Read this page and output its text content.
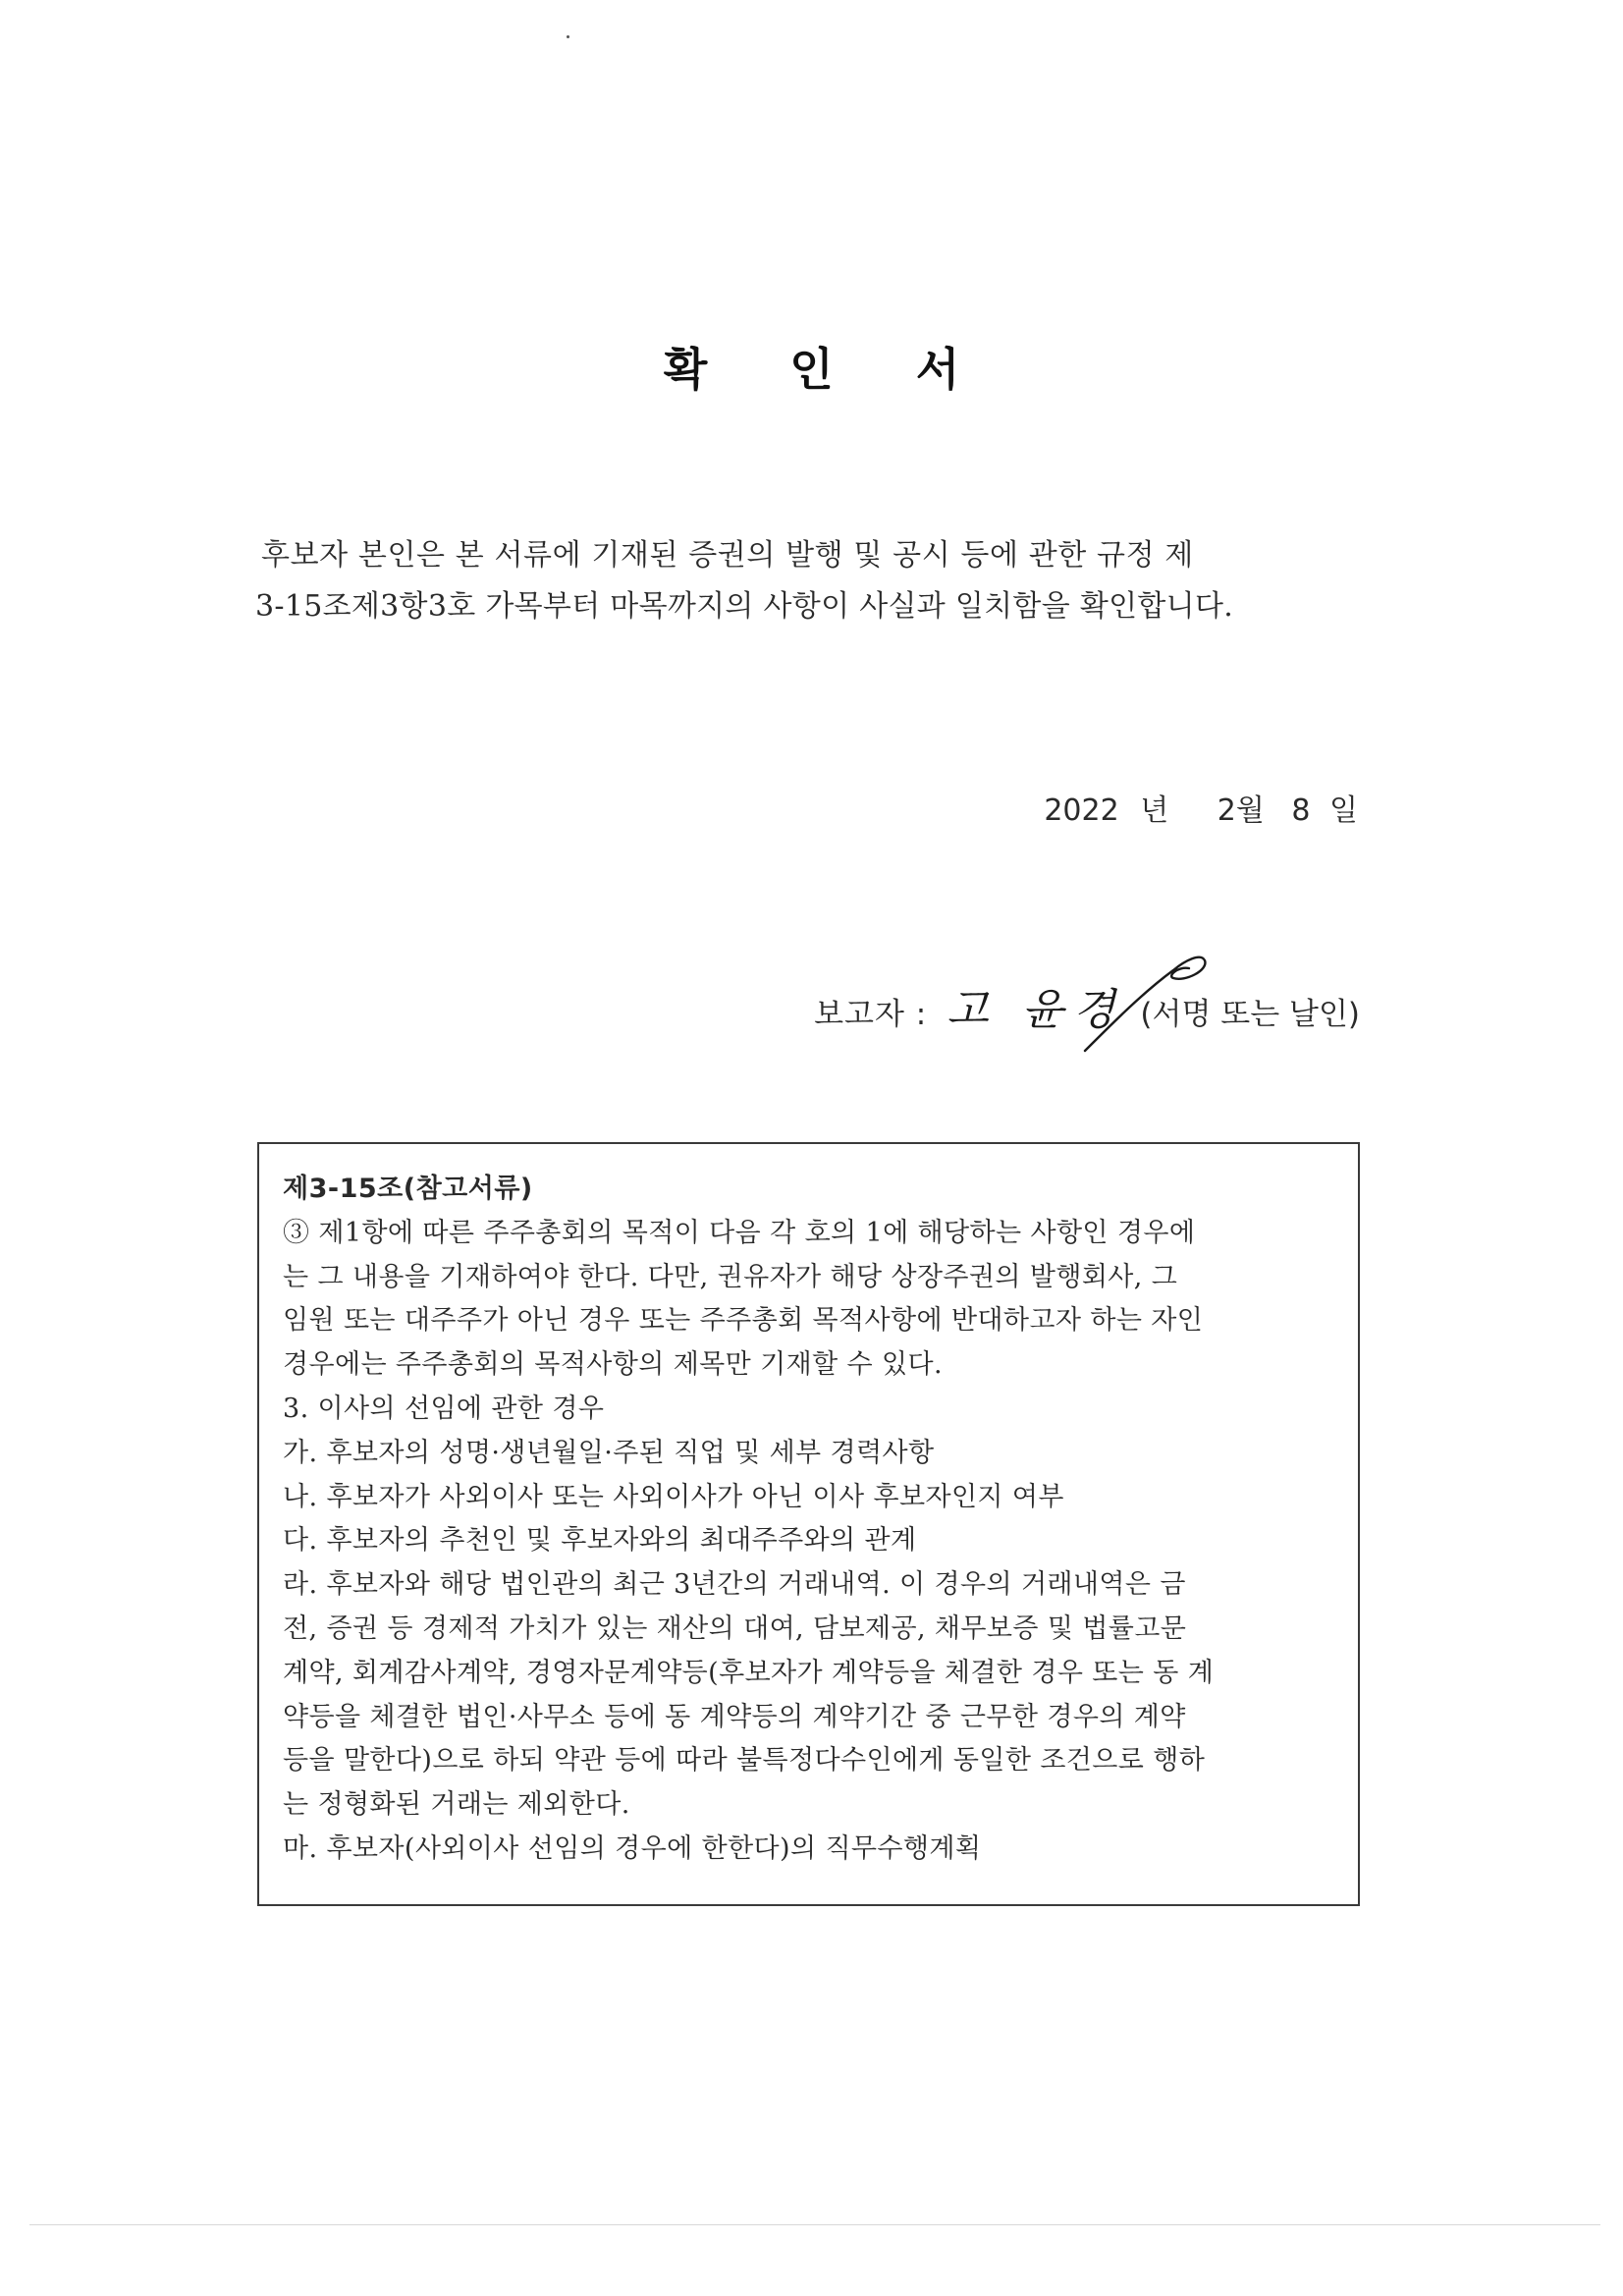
확 인 서
후보자 본인은 본 서류에 기재된 증권의 발행 및 공시 등에 관한 규정 제
3-15조제3항3호 가목부터 마목까지의 사항이 사실과 일치함을 확인합니다.
2022 년 2월 8 일
보고자 : 고 윤경 (서명 또는 날인)
제3-15조(참고서류)
③ 제1항에 따른 주주총회의 목적이 다음 각 호의 1에 해당하는 사항인 경우에
는 그 내용을 기재하여야 한다. 다만, 권유자가 해당 상장주권의 발행회사, 그
임원 또는 대주주가 아닌 경우 또는 주주총회 목적사항에 반대하고자 하는 자인
경우에는 주주총회의 목적사항의 제목만 기재할 수 있다.
3. 이사의 선임에 관한 경우
가. 후보자의 성명·생년월일·주된 직업 및 세부 경력사항
나. 후보자가 사외이사 또는 사외이사가 아닌 이사 후보자인지 여부
다. 후보자의 추천인 및 후보자와의 최대주주와의 관계
라. 후보자와 해당 법인관의 최근 3년간의 거래내역. 이 경우의 거래내역은 금
전, 증권 등 경제적 가치가 있는 재산의 대여, 담보제공, 채무보증 및 법률고문
계약, 회계감사계약, 경영자문계약등(후보자가 계약등을 체결한 경우 또는 동 계
약등을 체결한 법인·사무소 등에 동 계약등의 계약기간 중 근무한 경우의 계약
등을 말한다)으로 하되 약관 등에 따라 불특정다수인에게 동일한 조건으로 행하
는 정형화된 거래는 제외한다.
마. 후보자(사외이사 선임의 경우에 한한다)의 직무수행계획
